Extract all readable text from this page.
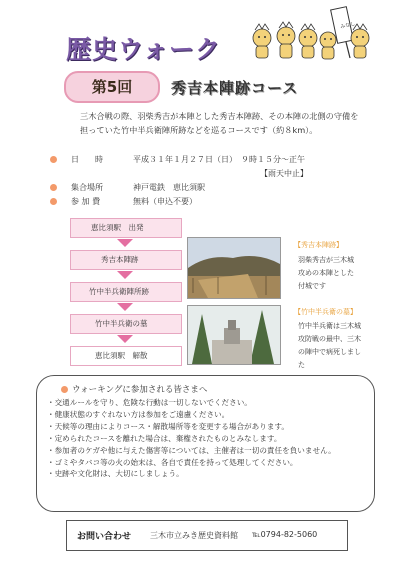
歴史ウォーク
みなし
第5回	秀吉本陣跡コース
三木合戦の際、羽柴秀吉が本陣とした秀吉本陣跡、その本陣の北側の守備を
担っていた竹中半兵衛陣所跡などを巡るコースです（約８km）。
日　　時	平成３１年１月２７日（日）　９時１５分～正午
【雨天中止】
集合場所	神戸電鉄　恵比須駅
参 加 費	無料（申込不要）
恵比須駅　出発
秀吉本陣跡
竹中半兵衛陣所跡
竹中半兵衛の墓
恵比須駅　解散
【秀吉本陣跡】
羽柴秀吉が三木城
攻めの本陣とした
付城です
【竹中半兵衛の墓】
竹中半兵衛は三木城
攻防戦の最中、三木
の陣中で病死しまし
た
ウォーキングに参加される皆さまへ
・交通ルールを守り、危険な行動は一切しないでください。
・健康状態のすぐれない方は参加をご遠慮ください。
・天候等の理由によりコース・解散場所等を変更する場合があります。
・定められたコースを離れた場合は、棄権されたものとみなします。
・参加者のケガや他に与えた傷害等については、主催者は一切の責任を負いません。
・ゴミやタバコ等の火の始末は、各自で責任を持って処理してください。
・史跡や文化財は、大切にしましょう。
お問い合わせ 三木市立みき歴史資料館 ℡0794-82-5060
